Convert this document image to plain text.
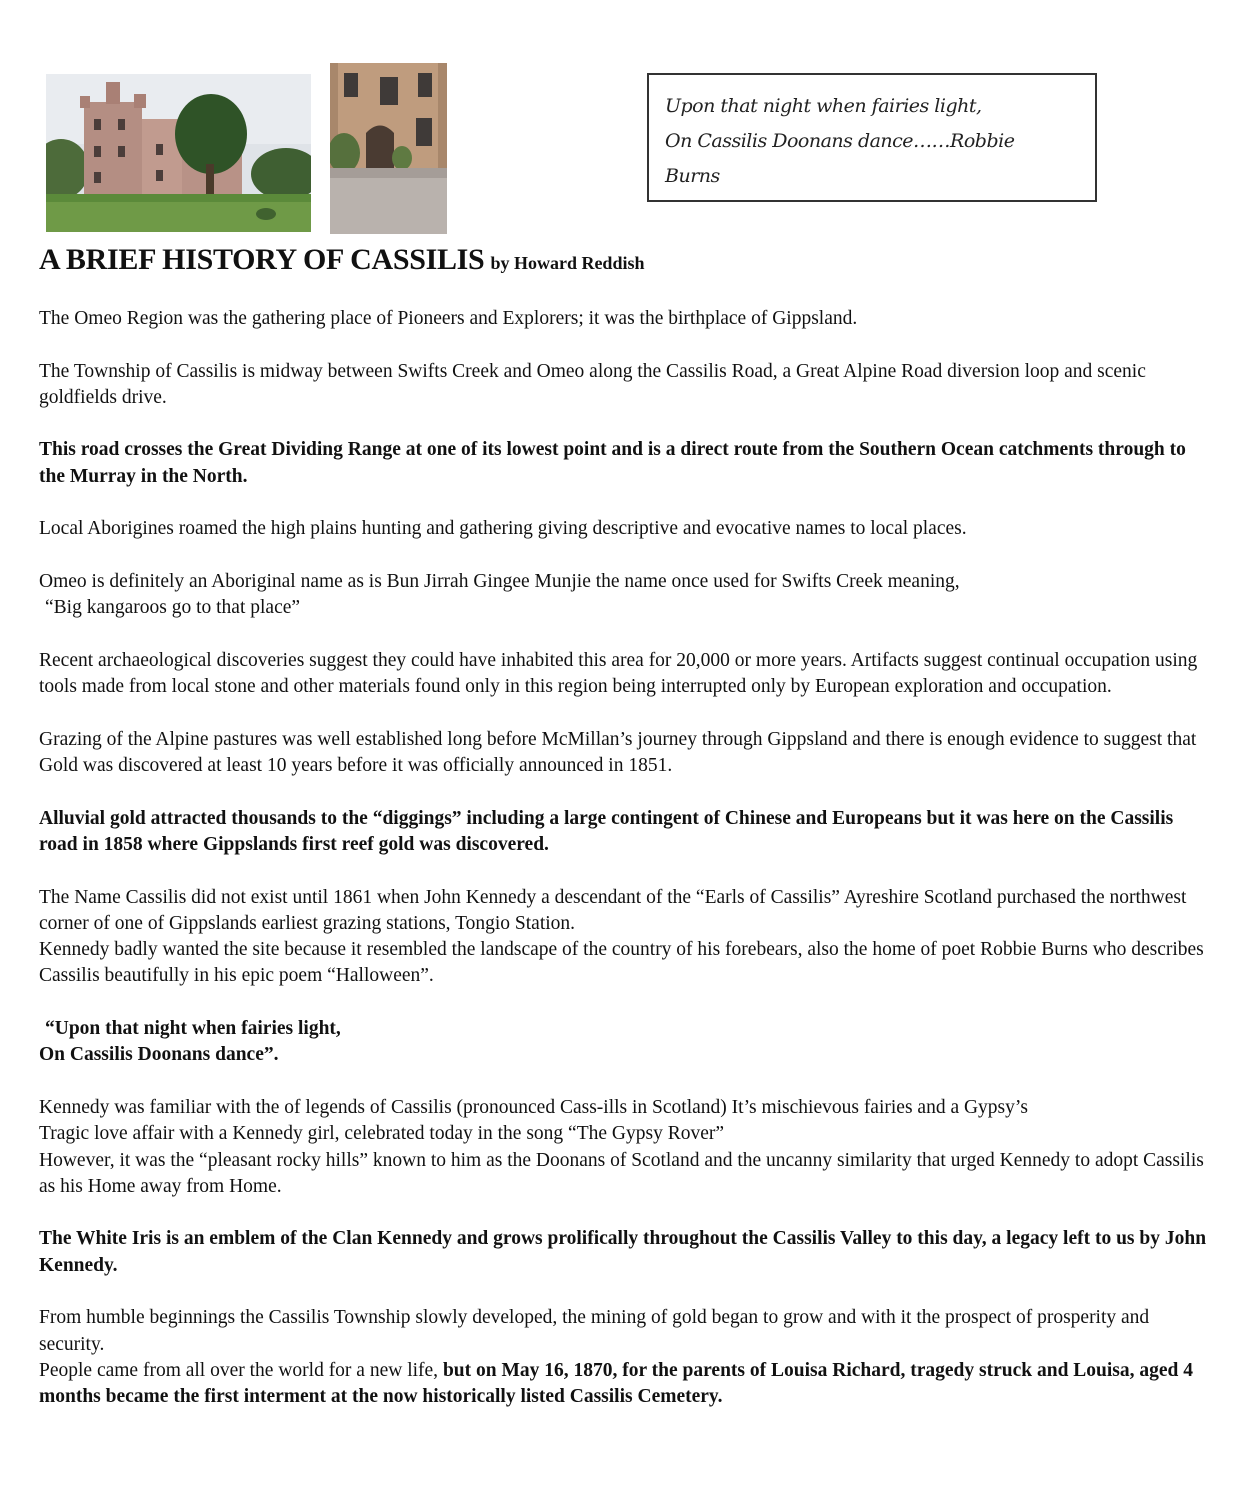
Upon that night when fairies light,
On Cassilis Doonans dance……Robbie
Burns
A BRIEF HISTORY OF CASSILIS by Howard Reddish

The Omeo Region was the gathering place of Pioneers and Explorers; it was the birthplace of Gippsland.

The Township of Cassilis is midway between Swifts Creek and Omeo along the Cassilis Road, a Great Alpine Road diversion loop and scenic goldfields drive.

This road crosses the Great Dividing Range at one of its lowest point and is a direct route from the Southern Ocean catchments through to the Murray in the North.

Local Aborigines roamed the high plains hunting and gathering giving descriptive and evocative names to local places.

Omeo is definitely an Aboriginal name as is Bun Jirrah Gingee Munjie the name once used for Swifts Creek meaning,
“Big kangaroos go to that place”

Recent archaeological discoveries suggest they could have inhabited this area for 20,000 or more years. Artifacts suggest continual occupation using tools made from local stone and other materials found only in this region being interrupted only by European exploration and occupation.

Grazing of the Alpine pastures was well established long before McMillan’s journey through Gippsland and there is enough evidence to suggest that Gold was discovered at least 10 years before it was officially announced in 1851.

Alluvial gold attracted thousands to the “diggings” including a large contingent of Chinese and Europeans but it was here on the Cassilis road in 1858 where Gippslands first reef gold was discovered.

The Name Cassilis did not exist until 1861 when John Kennedy a descendant of the “Earls of Cassilis” Ayreshire Scotland purchased the northwest corner of one of Gippslands earliest grazing stations, Tongio Station.
Kennedy badly wanted the site because it resembled the landscape of the country of his forebears, also the home of poet Robbie Burns who describes Cassilis beautifully in his epic poem “Halloween”.

“Upon that night when fairies light,
On Cassilis Doonans dance”.

Kennedy was familiar with the of legends of Cassilis (pronounced Cass-ills in Scotland) It’s mischievous fairies and a Gypsy’s
Tragic love affair with a Kennedy girl, celebrated today in the song “The Gypsy Rover”
However, it was the “pleasant rocky hills” known to him as the Doonans of Scotland and the uncanny similarity that urged Kennedy to adopt Cassilis as his Home away from Home.

The White Iris is an emblem of the Clan Kennedy and grows prolifically throughout the Cassilis Valley to this day, a legacy left to us by John Kennedy.

From humble beginnings the Cassilis Township slowly developed, the mining of gold began to grow and with it the prospect of prosperity and security.
People came from all over the world for a new life, but on May 16, 1870, for the parents of Louisa Richard, tragedy struck and Louisa, aged 4 months became the first interment at the now historically listed Cassilis Cemetery.
